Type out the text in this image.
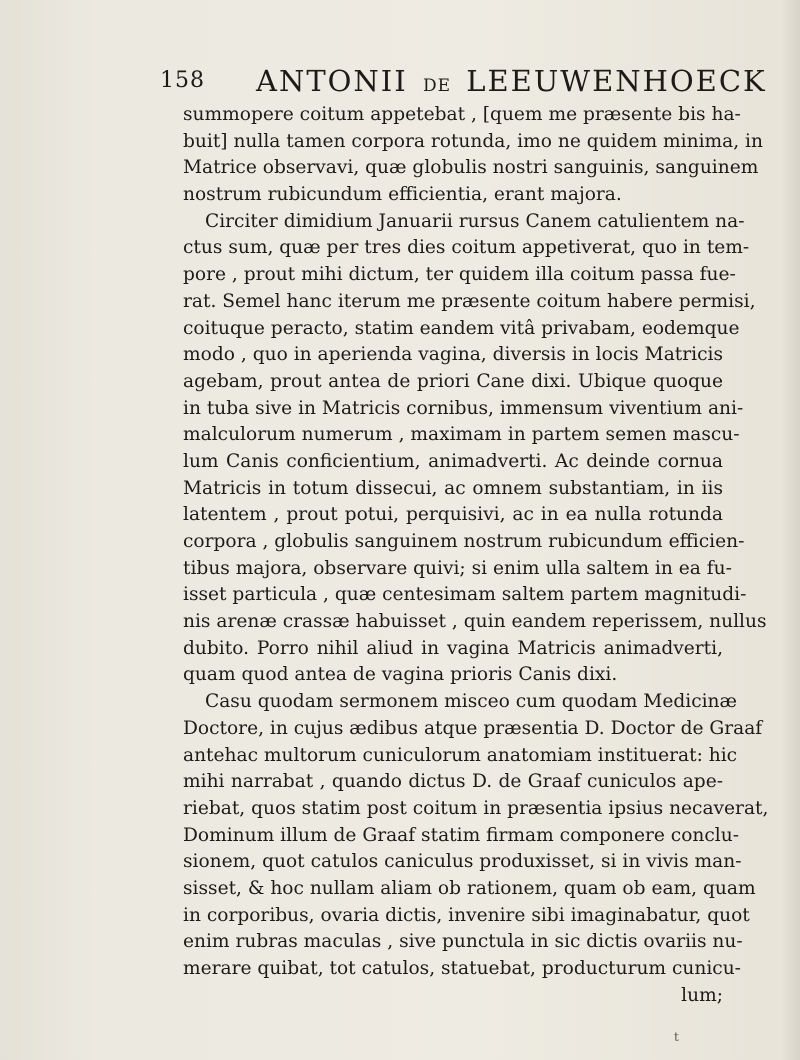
158 ANTONII DE LEEUWENHOECK
summopere coitum appetebat , [quem me præsente bis ha-
buit] nulla tamen corpora rotunda, imo ne quidem minima, in
Matrice observavi, quæ globulis nostri sanguinis, sanguinem
nostrum rubicundum efficientia, erant majora.
Circiter dimidium Januarii rursus Canem catulientem na-
ctus sum, quæ per tres dies coitum appetiverat, quo in tem-
pore , prout mihi dictum, ter quidem illa coitum passa fue-
rat. Semel hanc iterum me præsente coitum habere permisi,
coituque peracto, statim eandem vitâ privabam, eodemque
modo , quo in aperienda vagina, diversis in locis Matricis
agebam, prout antea de priori Cane dixi. Ubique quoque
in tuba sive in Matricis cornibus, immensum viventium ani-
malculorum numerum , maximam in partem semen mascu-
lum Canis conficientium, animadverti. Ac deinde cornua
Matricis in totum dissecui, ac omnem substantiam, in iis
latentem , prout potui, perquisivi, ac in ea nulla rotunda
corpora , globulis sanguinem nostrum rubicundum efficien-
tibus majora, observare quivi; si enim ulla saltem in ea fu-
isset particula , quæ centesimam saltem partem magnitudi-
nis arenæ crassæ habuisset , quin eandem reperissem, nullus
dubito. Porro nihil aliud in vagina Matricis animadverti,
quam quod antea de vagina prioris Canis dixi.
Casu quodam sermonem misceo cum quodam Medicinæ
Doctore, in cujus ædibus atque præsentia D. Doctor de Graaf
antehac multorum cuniculorum anatomiam instituerat: hic
mihi narrabat , quando dictus D. de Graaf cuniculos ape-
riebat, quos statim post coitum in præsentia ipsius necaverat,
Dominum illum de Graaf statim firmam componere conclu-
sionem, quot catulos caniculus produxisset, si in vivis man-
sisset, & hoc nullam aliam ob rationem, quam ob eam, quam
in corporibus, ovaria dictis, invenire sibi imaginabatur, quot
enim rubras maculas , sive punctula in sic dictis ovariis nu-
merare quibat, tot catulos, statuebat, producturum cunicu-
lum;
t
